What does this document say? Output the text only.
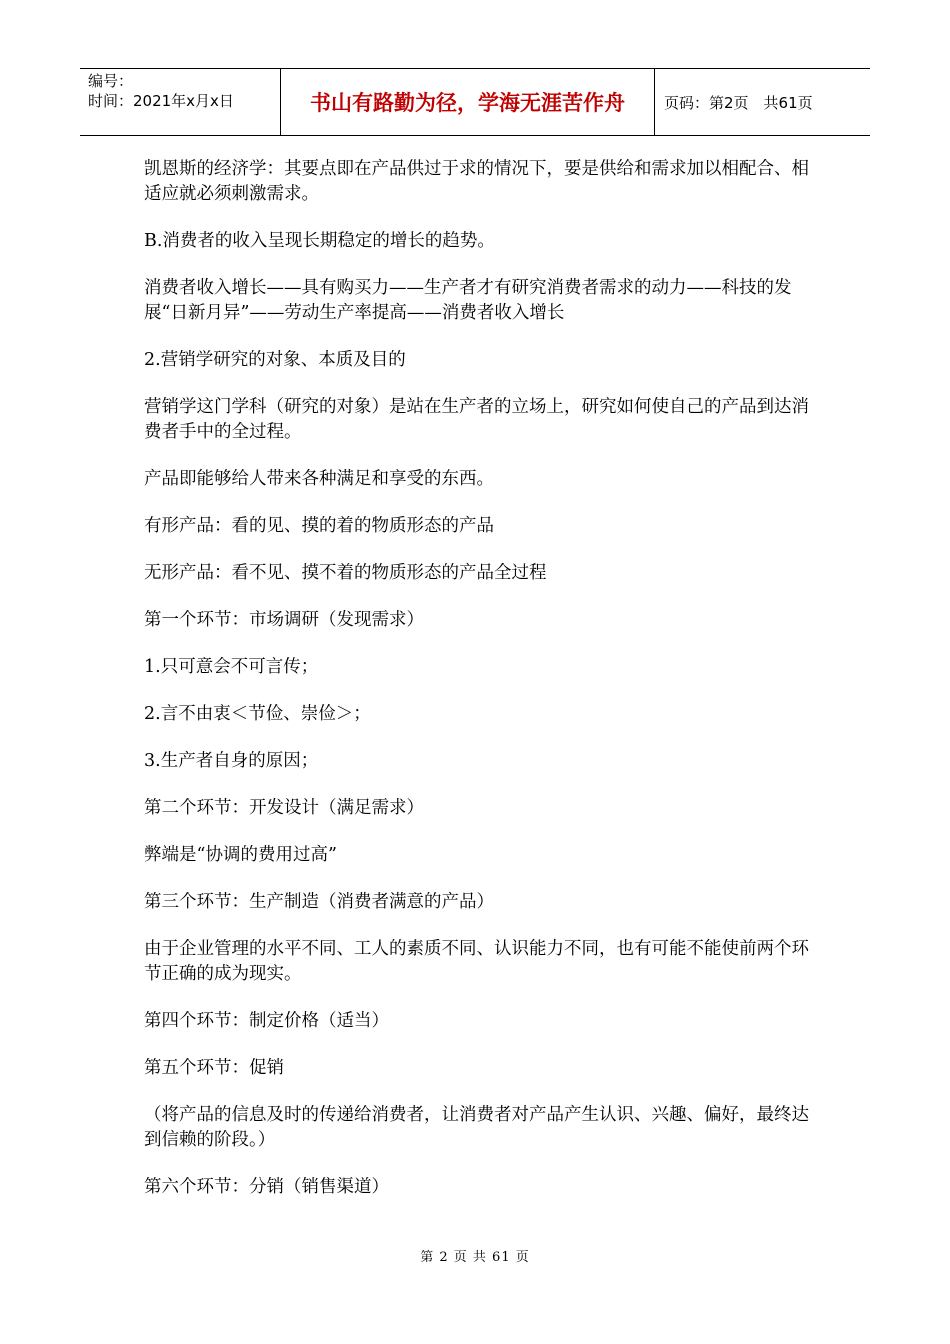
编号：
时间：2021年x月x日	书山有路勤为径，学海无涯苦作舟	页码：第2页　共61页

凯恩斯的经济学：其要点即在产品供过于求的情况下，要是供给和需求加以相配合、相适应就必须刺激需求。

B.消费者的收入呈现长期稳定的增长的趋势。

消费者收入增长——具有购买力——生产者才有研究消费者需求的动力——科技的发展“日新月异”——劳动生产率提高——消费者收入增长

2.营销学研究的对象、本质及目的

营销学这门学科（研究的对象）是站在生产者的立场上，研究如何使自己的产品到达消费者手中的全过程。

产品即能够给人带来各种满足和享受的东西。

有形产品：看的见、摸的着的物质形态的产品

无形产品：看不见、摸不着的物质形态的产品全过程

第一个环节：市场调研（发现需求）

1.只可意会不可言传；

2.言不由衷＜节俭、崇俭＞；

3.生产者自身的原因；

第二个环节：开发设计（满足需求）

弊端是“协调的费用过高”

第三个环节：生产制造（消费者满意的产品）

由于企业管理的水平不同、工人的素质不同、认识能力不同，也有可能不能使前两个环节正确的成为现实。

第四个环节：制定价格（适当）

第五个环节：促销

（将产品的信息及时的传递给消费者，让消费者对产品产生认识、兴趣、偏好，最终达到信赖的阶段。）

第六个环节：分销（销售渠道）

第 2 页 共 61 页
